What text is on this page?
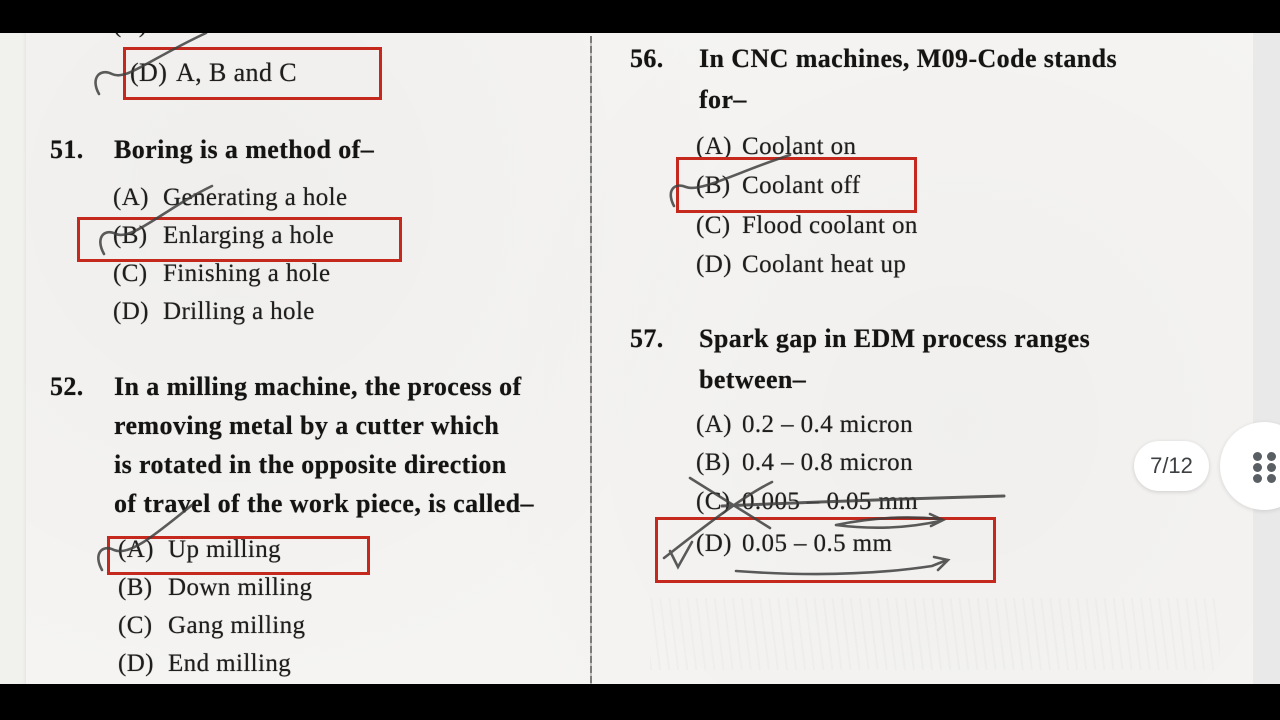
(D) A, B and C
51. Boring is a method of–
(A) Generating a hole
(B) Enlarging a hole
(C) Finishing a hole
(D) Drilling a hole
52. In a milling machine, the process of
removing metal by a cutter which
is rotated in the opposite direction
of travel of the work piece, is called–
(A) Up milling
(B) Down milling
(C) Gang milling
(D) End milling
56. In CNC machines, M09-Code stands
for–
(A) Coolant on
(B) Coolant off
(C) Flood coolant on
(D) Coolant heat up
57. Spark gap in EDM process ranges
between–
(A) 0.2 – 0.4 micron
(B) 0.4 – 0.8 micron
(C) 0.005 – 0.05 mm
(D) 0.05 – 0.5 mm
7/12
